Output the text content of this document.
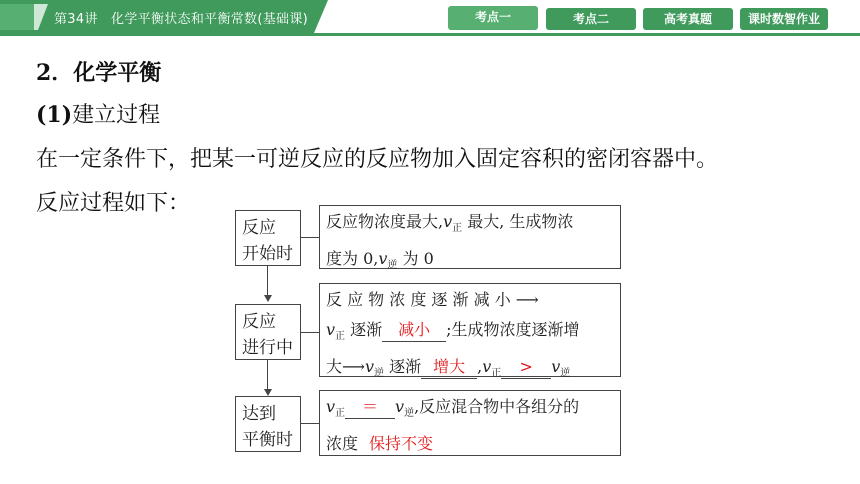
第34讲　化学平衡状态和平衡常数(基础课)	考点一	考点二	高考真题	课时数智作业
2．化学平衡
(1)建立过程
在一定条件下，把某一可逆反应的反应物加入固定容积的密闭容器中。
反应过程如下：
反应
开始时
反应物浓度最大$,v_正$ 最大, 生成物浓
度为 $0,v_逆$ 为 0
反应
进行中
反 应 物 浓 度 逐 渐 减 小 ⟶
$v_正$ 逐渐 减小 ;生成物浓度逐渐增
大$⟶v_逆$ 逐渐 增大 $,v_正 > v_逆$
达到
平衡时
$v_正 = v_逆$,反应混合物中各组分的
浓度 保持不变
